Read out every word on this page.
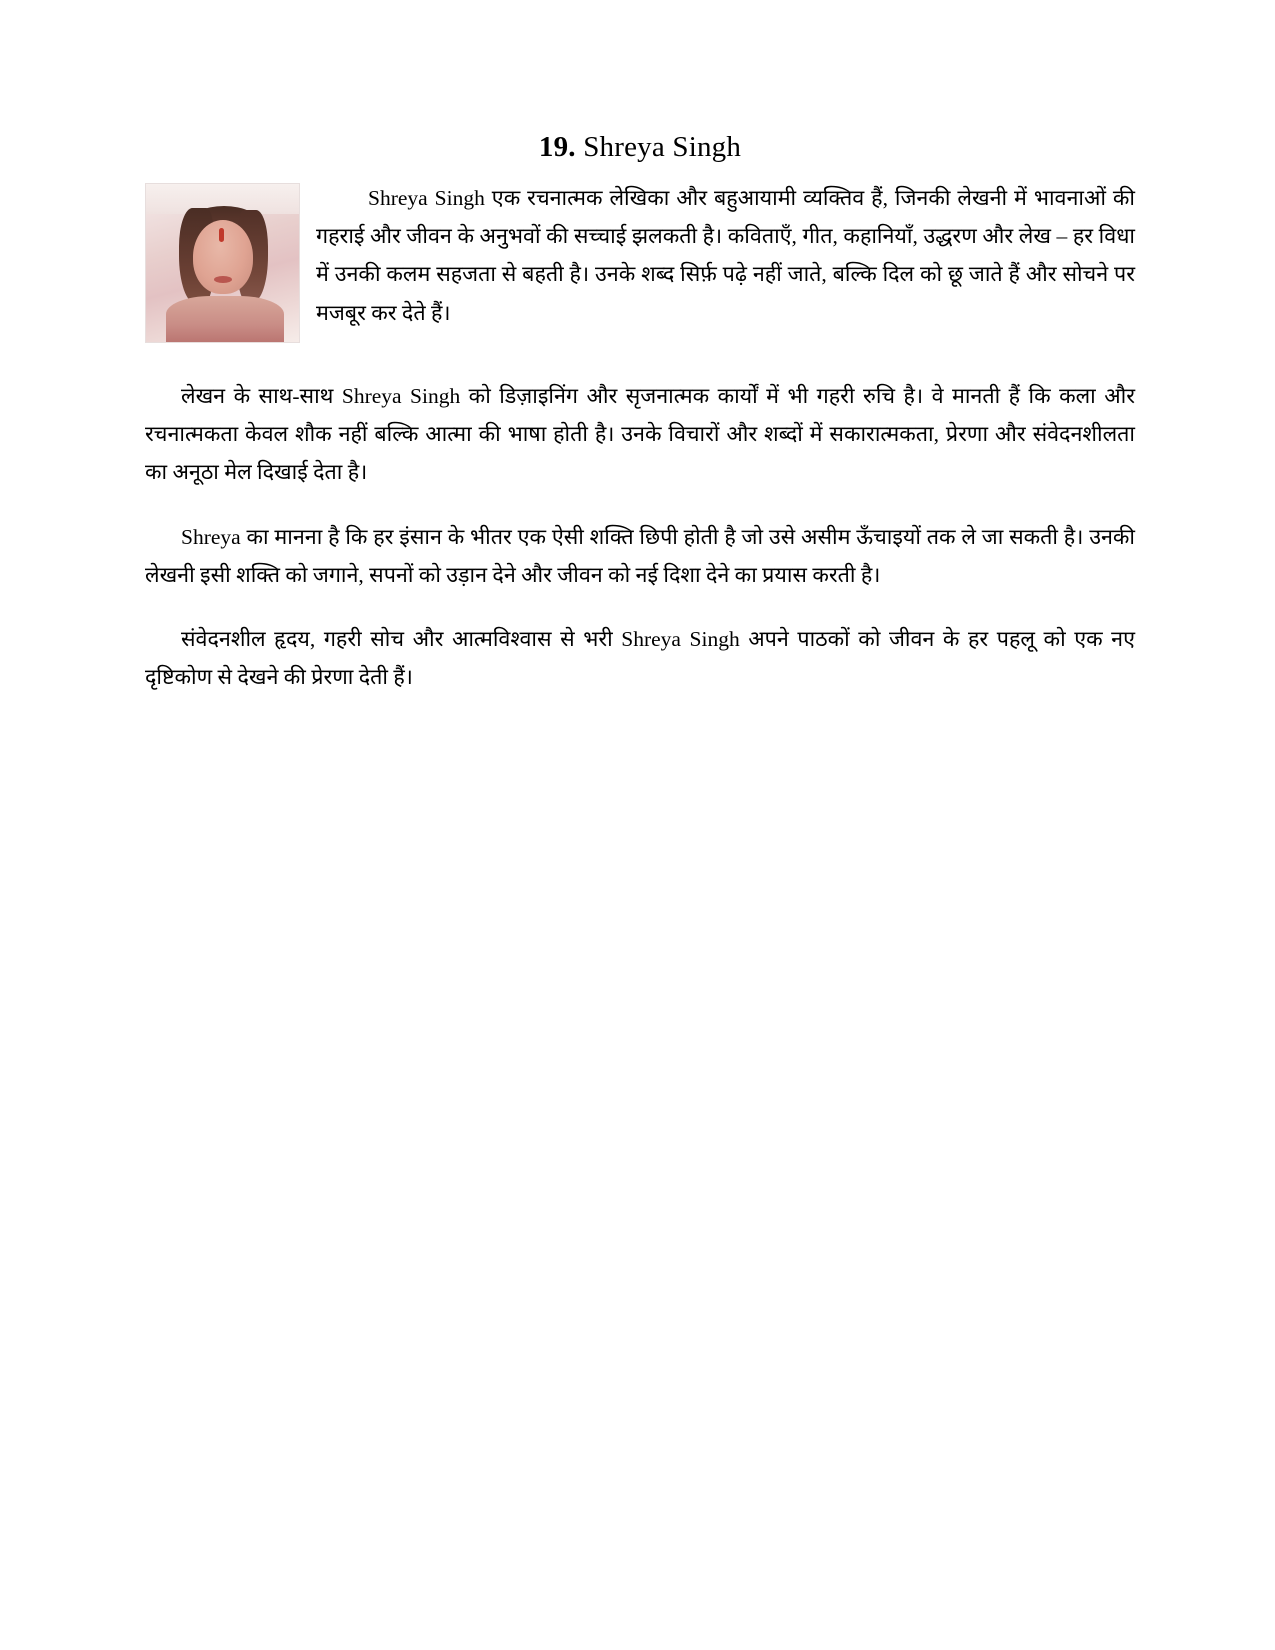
19. Shreya Singh

Shreya Singh एक रचनात्मक लेखिका और बहुआयामी व्यक्तिव हैं, जिनकी लेखनी में भावनाओं की गहराई और जीवन के अनुभवों की सच्चाई झलकती है। कविताएँ, गीत, कहानियाँ, उद्धरण और लेख – हर विधा में उनकी कलम सहजता से बहती है। उनके शब्द सिर्फ़ पढ़े नहीं जाते, बल्कि दिल को छू जाते हैं और सोचने पर मजबूर कर देते हैं।

लेखन के साथ-साथ Shreya Singh को डिज़ाइनिंग और सृजनात्मक कार्यों में भी गहरी रुचि है। वे मानती हैं कि कला और रचनात्मकता केवल शौक नहीं बल्कि आत्मा की भाषा होती है। उनके विचारों और शब्दों में सकारात्मकता, प्रेरणा और संवेदनशीलता का अनूठा मेल दिखाई देता है।

Shreya का मानना है कि हर इंसान के भीतर एक ऐसी शक्ति छिपी होती है जो उसे असीम ऊँचाइयों तक ले जा सकती है। उनकी लेखनी इसी शक्ति को जगाने, सपनों को उड़ान देने और जीवन को नई दिशा देने का प्रयास करती है।

संवेदनशील हृदय, गहरी सोच और आत्मविश्वास से भरी Shreya Singh अपने पाठकों को जीवन के हर पहलू को एक नए दृष्टिकोण से देखने की प्रेरणा देती हैं।
